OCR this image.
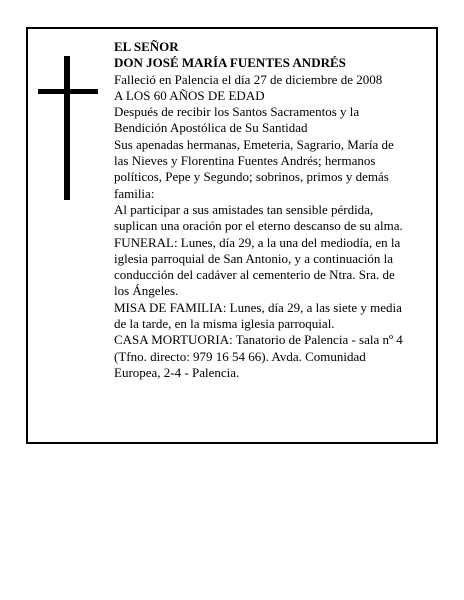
EL SEÑOR
DON JOSÉ MARÍA FUENTES ANDRÉS
Falleció en Palencia el día 27 de diciembre de 2008
A LOS 60 AÑOS DE EDAD

Después de recibir los Santos Sacramentos y la
Bendición Apostólica de Su Santidad

Sus apenadas hermanas, Emeteria, Sagrario, María de
las Nieves y Florentina Fuentes Andrés; hermanos
políticos, Pepe y Segundo; sobrinos, primos y demás
familia:

Al participar a sus amistades tan sensible pérdida,
suplican una oración por el eterno descanso de su alma.

FUNERAL: Lunes, día 29, a la una del mediodía, en la
iglesia parroquial de San Antonio, y a continuación la
conducción del cadáver al cementerio de Ntra. Sra. de
los Ángeles.

MISA DE FAMILIA: Lunes, día 29, a las siete y media
de la tarde, en la misma iglesia parroquial.

CASA MORTUORIA: Tanatorio de Palencia - sala nº 4
(Tfno. directo: 979 16 54 66). Avda. Comunidad
Europea, 2-4 - Palencia.
